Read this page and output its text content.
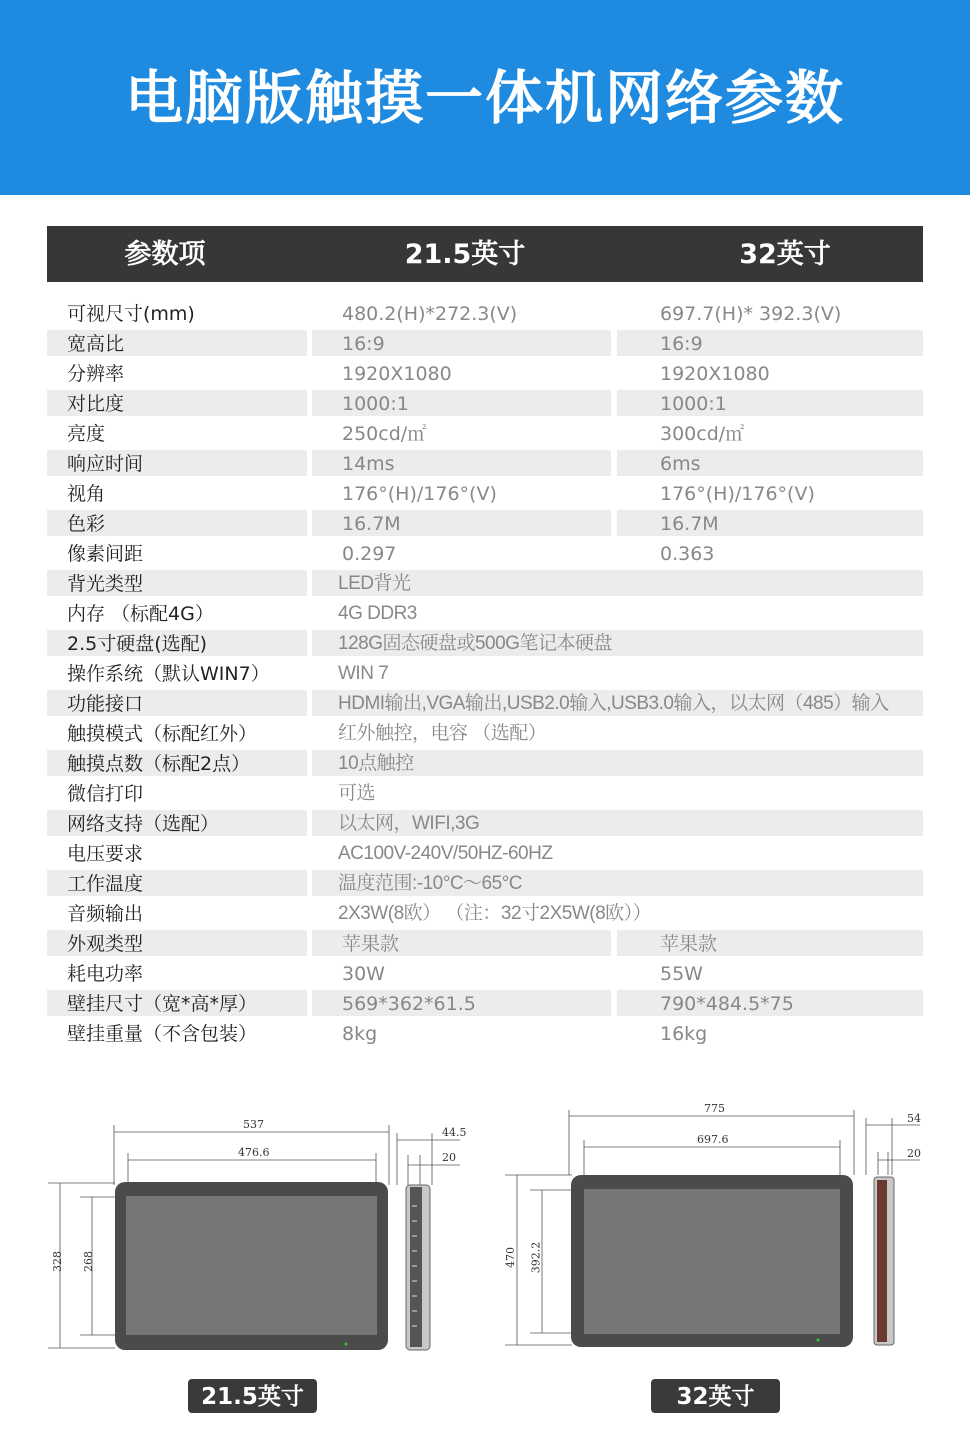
电脑版触摸一体机网络参数
参数项	21.5英寸	32英寸
可视尺寸(mm)	480.2(H)*272.3(V)	697.7(H)* 392.3(V)
宽高比	16:9	16:9
分辨率	1920X1080	1920X1080
对比度	1000:1	1000:1
亮度	250cd/㎡	300cd/㎡
响应时间	14ms	6ms
视角	176°(H)/176°(V)	176°(H)/176°(V)
色彩	16.7M	16.7M
像素间距	0.297	0.363
背光类型	LED背光
内存 （标配4G）	4G DDR3
2.5寸硬盘(选配)	128G固态硬盘或500G笔记本硬盘
操作系统（默认WIN7）	WIN 7
功能接口	HDMI输出,VGA输出,USB2.0输入,USB3.0输入，以太网（485）输入
触摸模式（标配红外）	红外触控，电容 （选配）
触摸点数（标配2点）	10点触控
微信打印	可选
网络支持（选配）	以太网，WIFI,3G
电压要求	AC100V-240V/50HZ-60HZ
工作温度	温度范围:-10°C～65°C
音频输出	2X3W(8欧） （注：32寸2X5W(8欧））
外观类型	苹果款	苹果款
耗电功率	30W	55W
壁挂尺寸（宽*高*厚）	569*362*61.5	790*484.5*75
壁挂重量（不含包装）	8kg	16kg
537
476.6
328 268
44.5
20
21.5英寸
775
697.6
470 392.2
54
20
32英寸
